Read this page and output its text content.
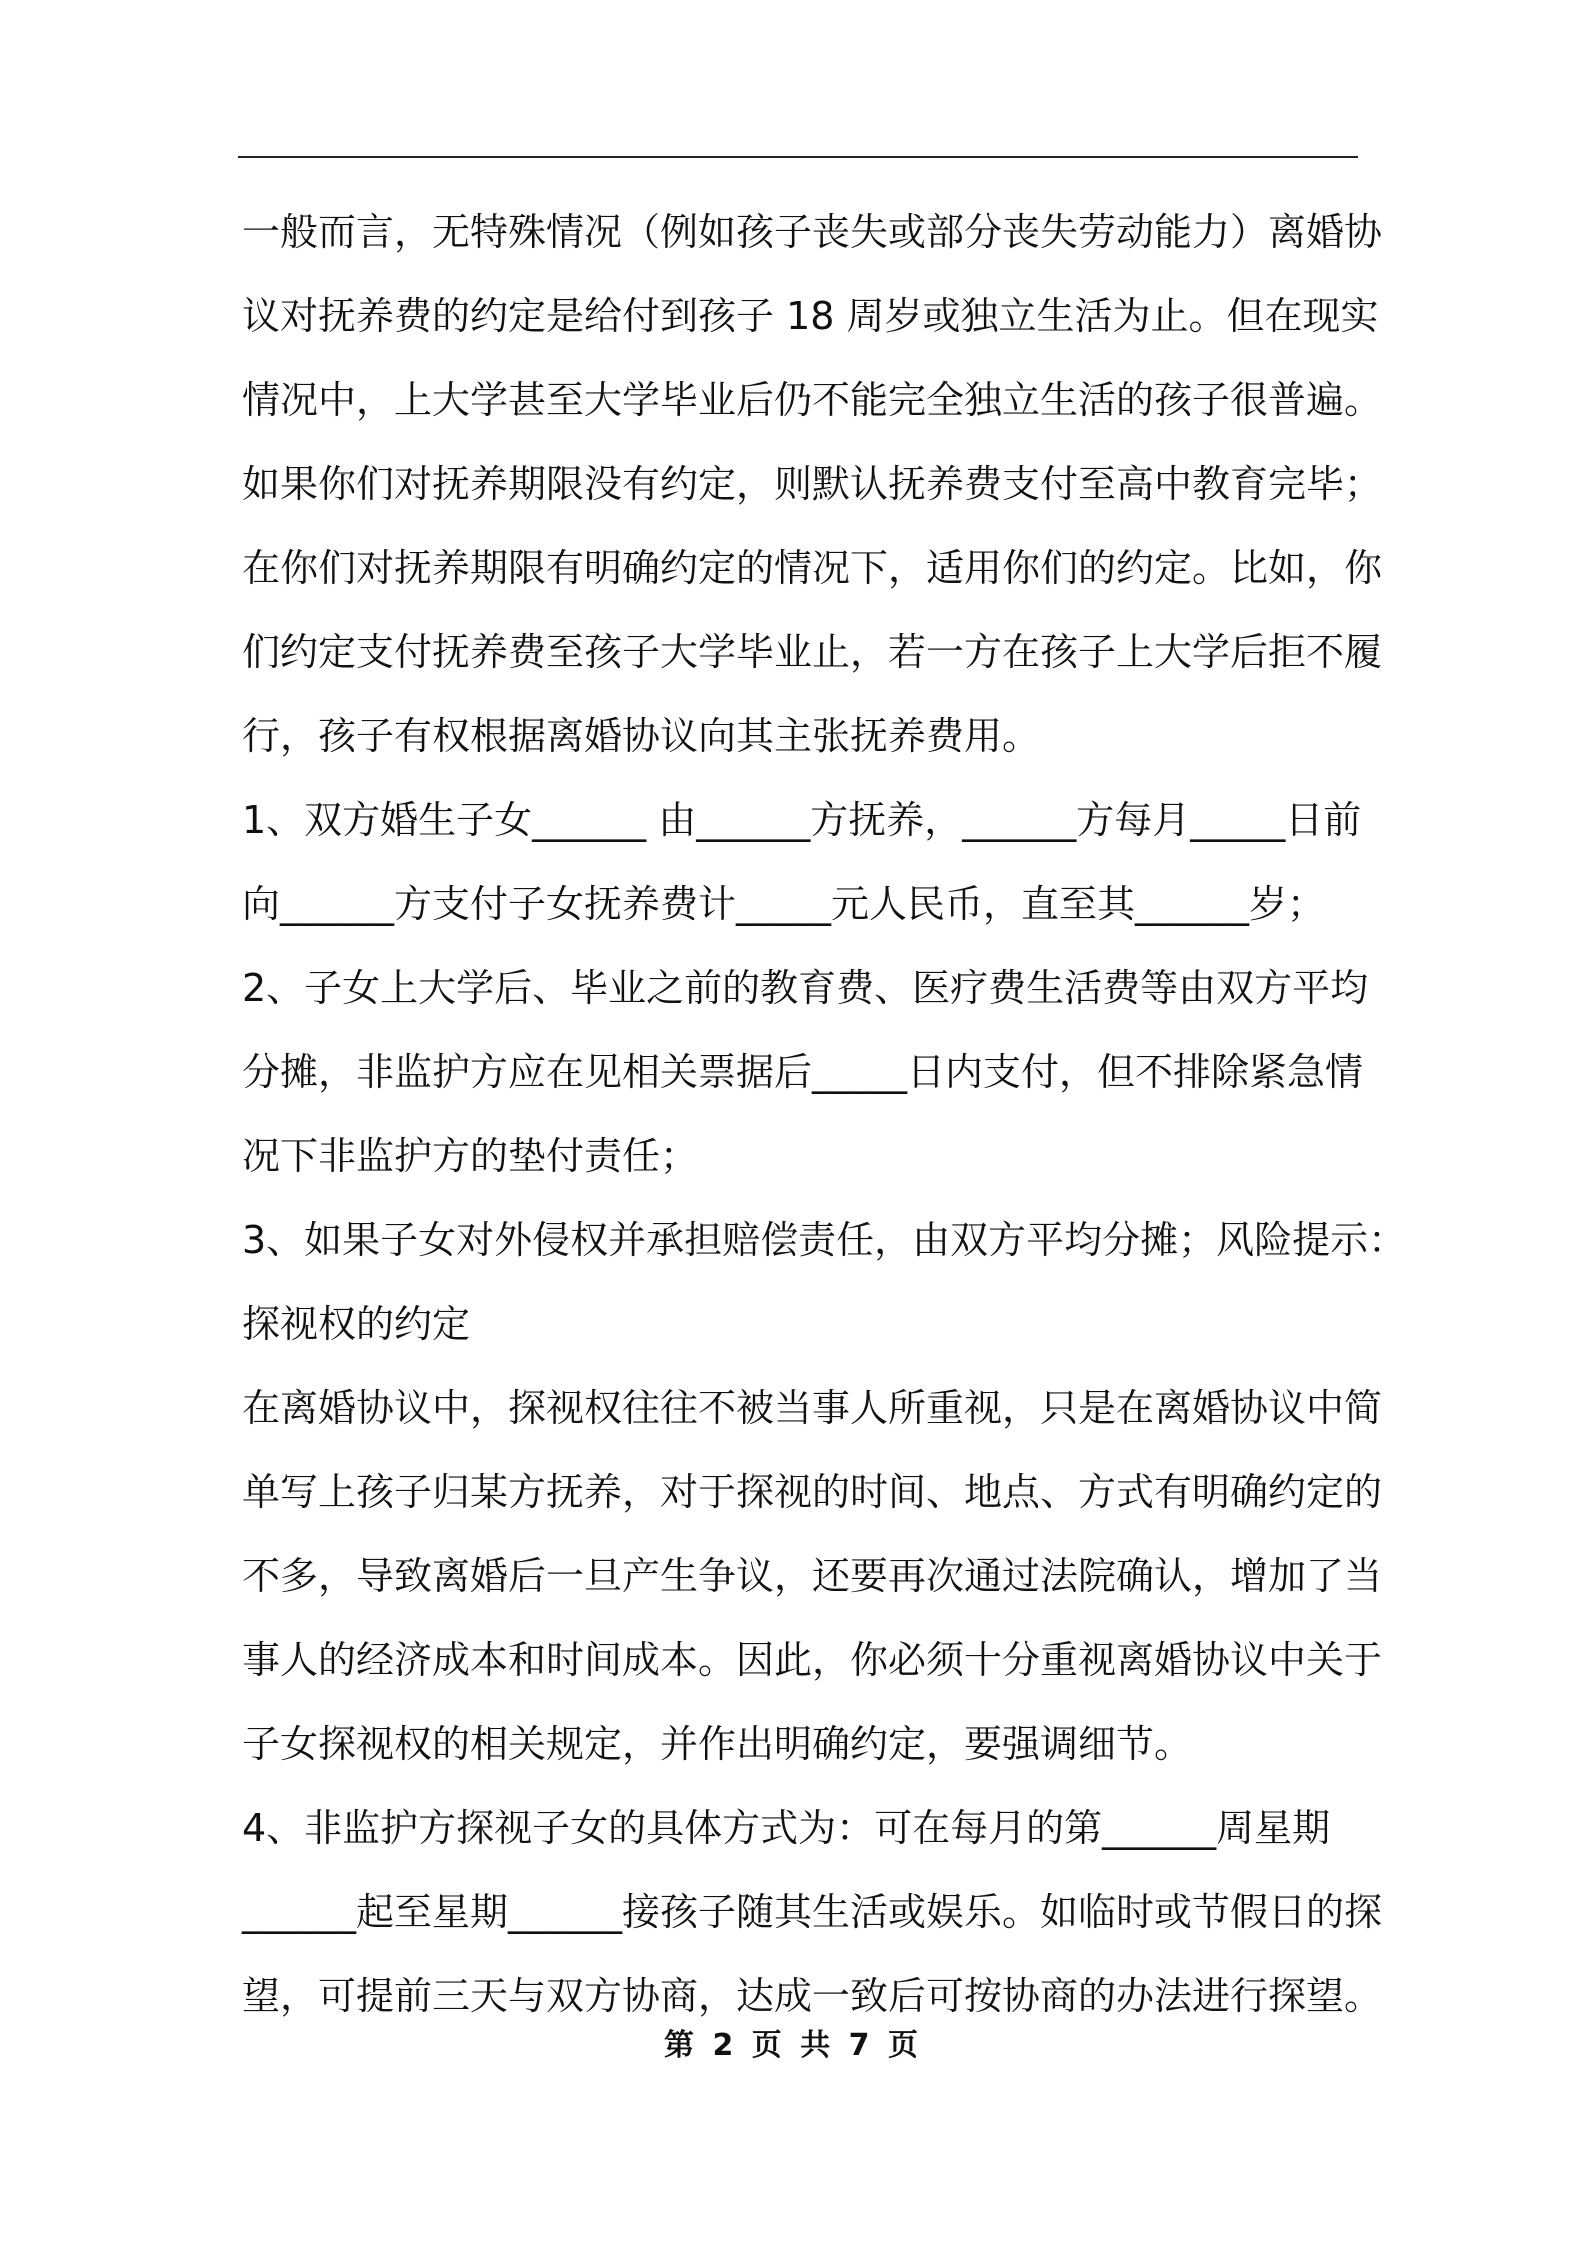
一般而言，无特殊情况（例如孩子丧失或部分丧失劳动能力）离婚协
议对抚养费的约定是给付到孩子 18 周岁或独立生活为止。但在现实
情况中，上大学甚至大学毕业后仍不能完全独立生活的孩子很普遍。
如果你们对抚养期限没有约定，则默认抚养费支付至高中教育完毕；
在你们对抚养期限有明确约定的情况下，适用你们的约定。比如，你
们约定支付抚养费至孩子大学毕业止，若一方在孩子上大学后拒不履
行，孩子有权根据离婚协议向其主张抚养费用。
1、双方婚生子女______ 由______方抚养，______方每月_____日前
向______方支付子女抚养费计_____元人民币，直至其______岁；
2、子女上大学后、毕业之前的教育费、医疗费生活费等由双方平均
分摊，非监护方应在见相关票据后_____日内支付，但不排除紧急情
况下非监护方的垫付责任；
3、如果子女对外侵权并承担赔偿责任，由双方平均分摊；风险提示：
探视权的约定
在离婚协议中，探视权往往不被当事人所重视，只是在离婚协议中简
单写上孩子归某方抚养，对于探视的时间、地点、方式有明确约定的
不多，导致离婚后一旦产生争议，还要再次通过法院确认，增加了当
事人的经济成本和时间成本。因此，你必须十分重视离婚协议中关于
子女探视权的相关规定，并作出明确约定，要强调细节。
4、非监护方探视子女的具体方式为：可在每月的第______周星期
______起至星期______接孩子随其生活或娱乐。如临时或节假日的探
望，可提前三天与双方协商，达成一致后可按协商的办法进行探望。
第 2 页 共 7 页
